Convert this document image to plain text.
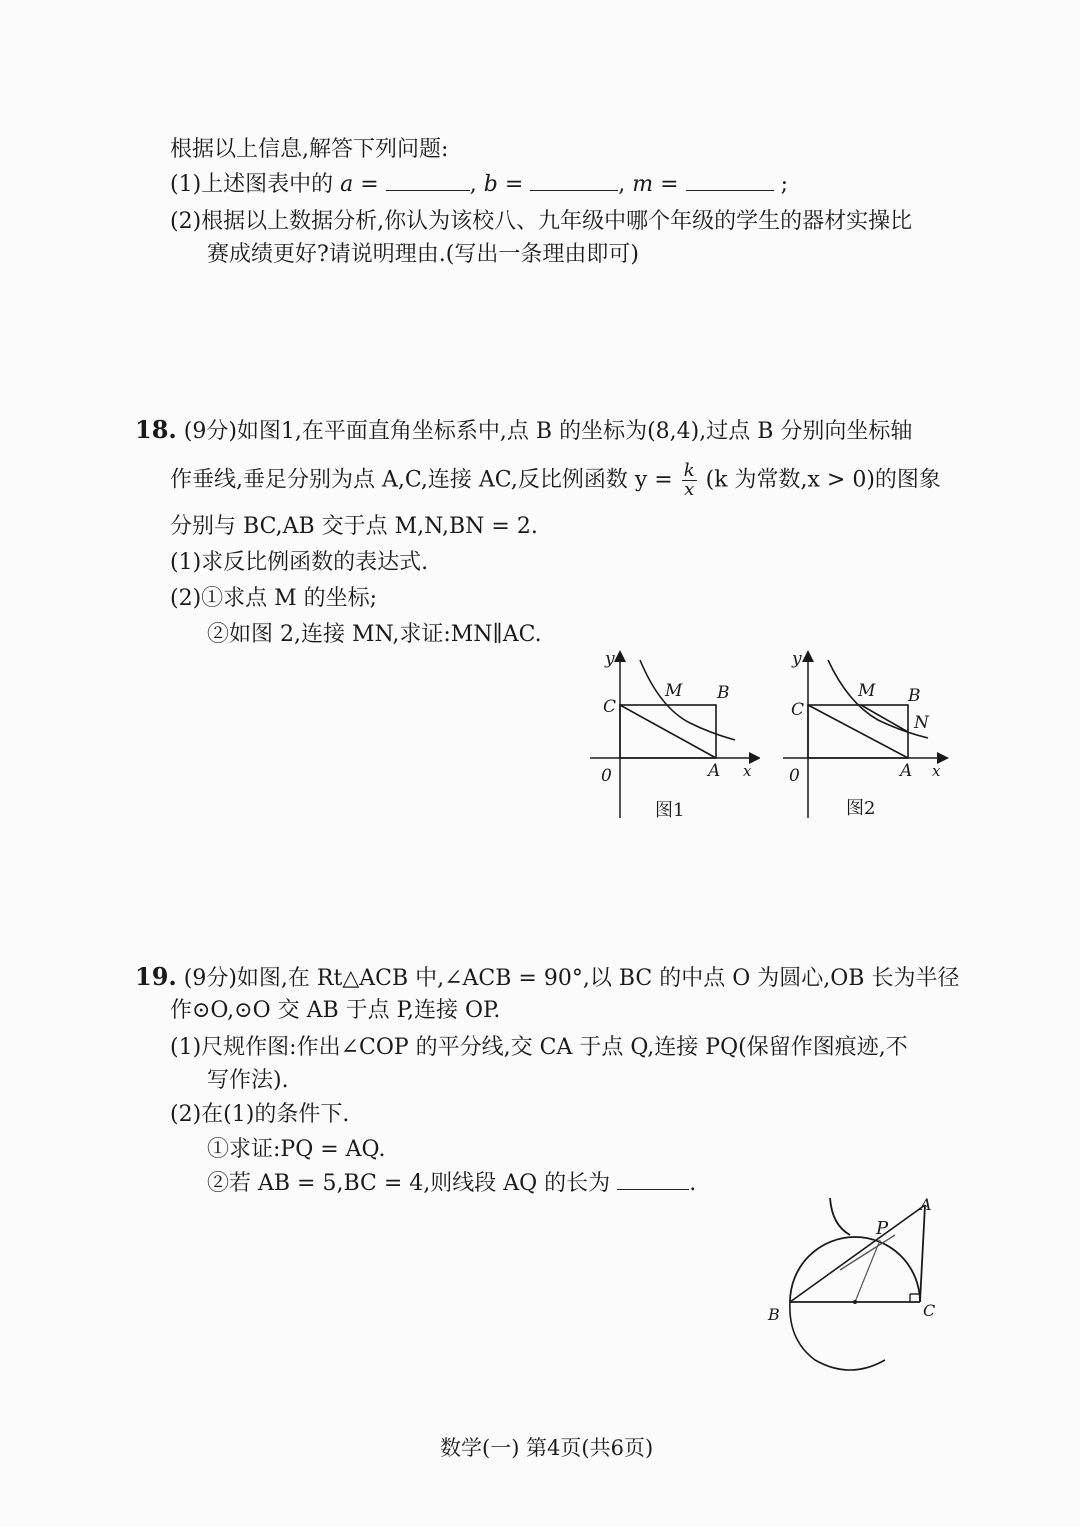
根据以上信息,解答下列问题:
(1)上述图表中的 a =	, b =	, m =	;
(2)根据以上数据分析,你认为该校八、九年级中哪个年级的学生的器材实操比
赛成绩更好?请说明理由.(写出一条理由即可)
18. (9分)如图1,在平面直角坐标系中,点 B 的坐标为(8,4),过点 B 分别向坐标轴
作垂线,垂足分别为点 A,C,连接 AC,反比例函数 $y = \frac{k}{x} (k$ 为常数,x > 0)的图象
分别与 BC,AB 交于点 M,N,BN = 2.
(1)求反比例函数的表达式.
(2)①求点 M 的坐标;
②如图 2,连接 MN,求证:MN∥AC.
y
x
0
C
A
B
M
图1
y
x
0
C
A
B
M
N
图2
19. (9分)如图,在 Rt△ACB 中,∠ACB = 90°,以 BC 的中点 O 为圆心,OB 长为半径
作⊙O,⊙O 交 AB 于点 P,连接 OP.
(1)尺规作图:作出∠COP 的平分线,交 CA 于点 Q,连接 PQ(保留作图痕迹,不
写作法).
(2)在(1)的条件下.
①求证:PQ = AQ.
②若 AB = 5,BC = 4,则线段 AQ 的长为	.
A
P
B	C
数学(一) 第4页(共6页)
